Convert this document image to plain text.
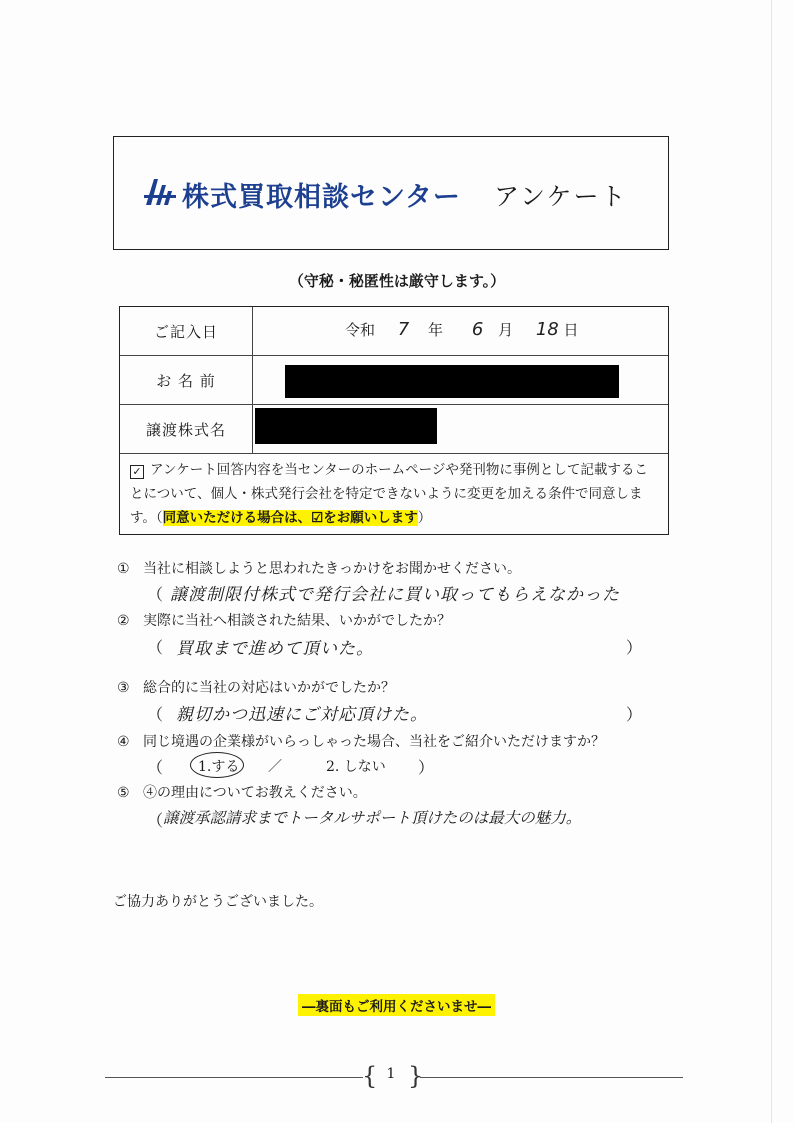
株式買取相談センター アンケート
（守秘・秘匿性は厳守します。）
ご記入日	令和 7 年 6 月 18 日
お 名 前
譲渡株式名
✓ アンケート回答内容を当センターのホームページや発刊物に事例として記載することについて、個人・株式発行会社を特定できないように変更を加える条件で同意します。（同意いただける場合は、☑をお願いします）
① 当社に相談しようと思われたきっかけをお聞かせください。
（ 譲渡制限付株式で発行会社に買い取ってもらえなかった
② 実際に当社へ相談された結果、いかがでしたか？
（ 買取まで進めて頂いた。	）
③ 総合的に当社の対応はいかがでしたか？
（ 親切かつ迅速にご対応頂けた。	）
④ 同じ境遇の企業様がいらっしゃった場合、当社をご紹介いただけますか？
（ 1.する ／	2. しない ）
⑤ ④の理由についてお教えください。
（ 譲渡承認請求までトータルサポート頂けたのは最大の魅力。
ご協力ありがとうございました。
―裏面もご利用くださいませ―
{ }
1
